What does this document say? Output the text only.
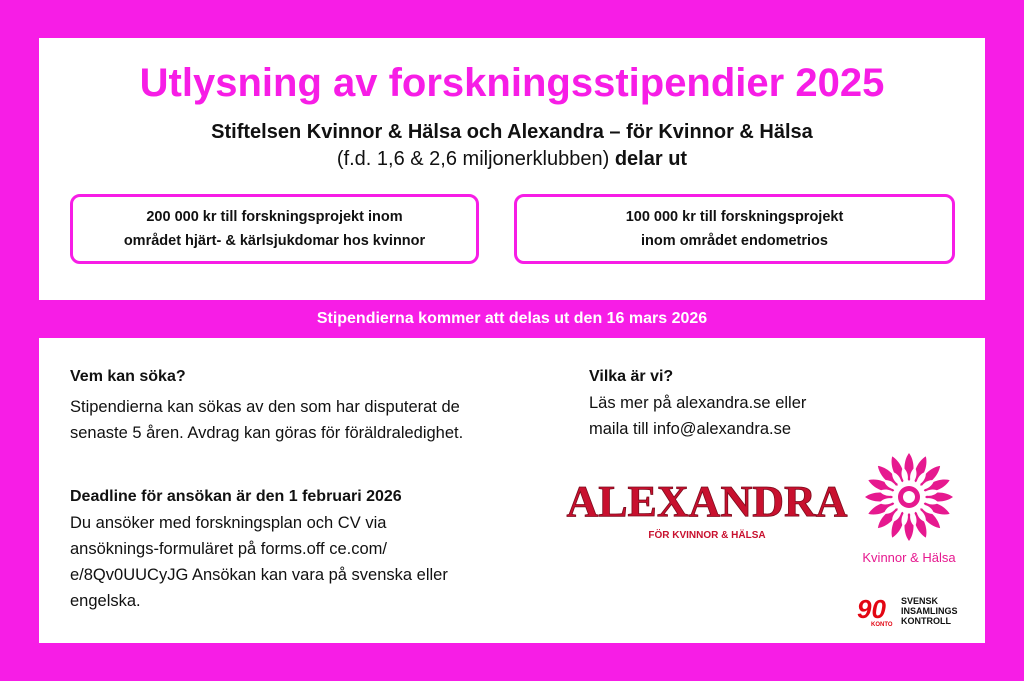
Utlysning av forskningsstipendier 2025
Stiftelsen Kvinnor & Hälsa och Alexandra – för Kvinnor & Hälsa
(f.d. 1,6 & 2,6 miljonerklubben) delar ut
200 000 kr till forskningsprojekt inom
området hjärt- & kärlsjukdomar hos kvinnor
100 000 kr till forskningsprojekt
inom området endometrios
Stipendierna kommer att delas ut den 16 mars 2026

Vem kan söka?

Stipendierna kan sökas av den som har disputerat de

senaste 5 åren. Avdrag kan göras för föräldraledighet.

Deadline för ansökan är den 1 februari 2026

Du ansöker med forskningsplan och CV via

ansöknings-formuläret på forms.off ce.com/

e/8Qv0UUCyJG Ansökan kan vara på svenska eller

engelska.

Vilka är vi?

Läs mer på alexandra.se eller

maila till info@alexandra.se

ALEXANDRA
FÖR KVINNOR & HÄLSA
Kvinnor & Hälsa
90
KONTO
SVENSK
INSAMLINGS
KONTROLL
